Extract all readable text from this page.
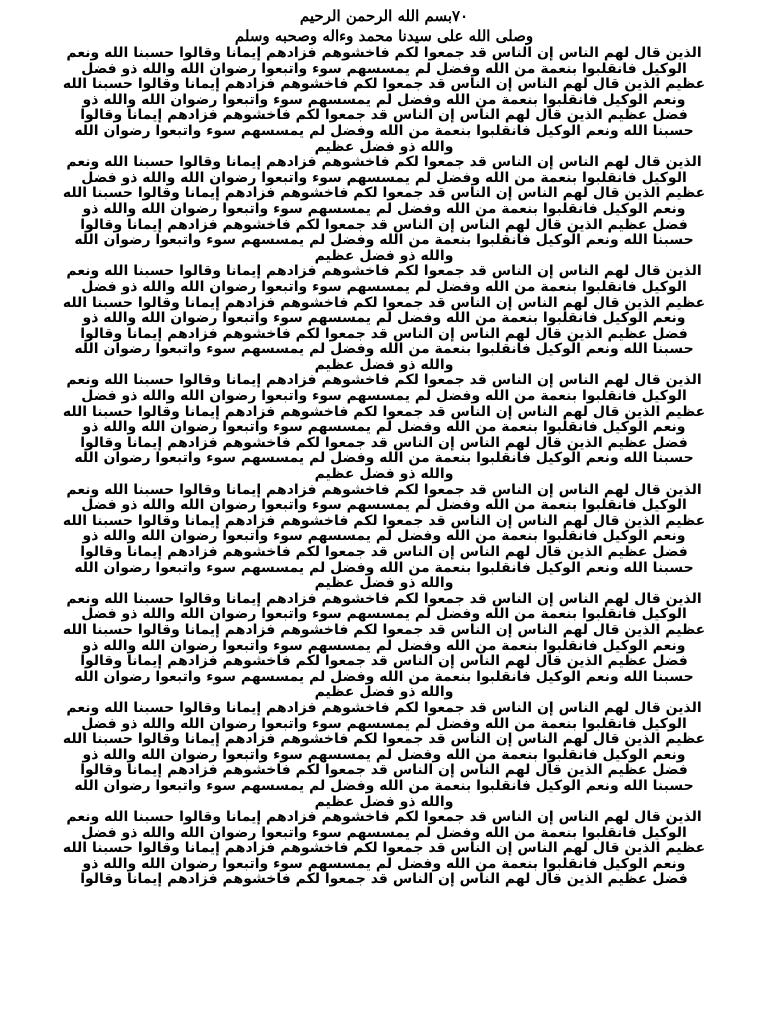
٧٠بسم الله الرحمن الرحيم
وصلى الله على سيدنا محمد وءاله وصحبه وسلم
الذين قال لهم الناس إن الناس قد جمعوا لكم فاخشوهم فزادهم إيمانا وقالوا حسبنا الله ونعم
الوكيل فانقلبوا بنعمة من الله وفضل لم يمسسهم سوء واتبعوا رضوان الله والله ذو فضل
عظيم الذين قال لهم الناس إن الناس قد جمعوا لكم فاخشوهم فزادهم إيمانا وقالوا حسبنا الله
ونعم الوكيل فانقلبوا بنعمة من الله وفضل لم يمسسهم سوء واتبعوا رضوان الله والله ذو
فضل عظيم الذين قال لهم الناس إن الناس قد جمعوا لكم فاخشوهم فزادهم إيمانا وقالوا
حسبنا الله ونعم الوكيل فانقلبوا بنعمة من الله وفضل لم يمسسهم سوء واتبعوا رضوان الله
والله ذو فضل عظيم
الذين قال لهم الناس إن الناس قد جمعوا لكم فاخشوهم فزادهم إيمانا وقالوا حسبنا الله ونعم
الوكيل فانقلبوا بنعمة من الله وفضل لم يمسسهم سوء واتبعوا رضوان الله والله ذو فضل
عظيم الذين قال لهم الناس إن الناس قد جمعوا لكم فاخشوهم فزادهم إيمانا وقالوا حسبنا الله
ونعم الوكيل فانقلبوا بنعمة من الله وفضل لم يمسسهم سوء واتبعوا رضوان الله والله ذو
فضل عظيم الذين قال لهم الناس إن الناس قد جمعوا لكم فاخشوهم فزادهم إيمانا وقالوا
حسبنا الله ونعم الوكيل فانقلبوا بنعمة من الله وفضل لم يمسسهم سوء واتبعوا رضوان الله
والله ذو فضل عظيم
الذين قال لهم الناس إن الناس قد جمعوا لكم فاخشوهم فزادهم إيمانا وقالوا حسبنا الله ونعم
الوكيل فانقلبوا بنعمة من الله وفضل لم يمسسهم سوء واتبعوا رضوان الله والله ذو فضل
عظيم الذين قال لهم الناس إن الناس قد جمعوا لكم فاخشوهم فزادهم إيمانا وقالوا حسبنا الله
ونعم الوكيل فانقلبوا بنعمة من الله وفضل لم يمسسهم سوء واتبعوا رضوان الله والله ذو
فضل عظيم الذين قال لهم الناس إن الناس قد جمعوا لكم فاخشوهم فزادهم إيمانا وقالوا
حسبنا الله ونعم الوكيل فانقلبوا بنعمة من الله وفضل لم يمسسهم سوء واتبعوا رضوان الله
والله ذو فضل عظيم
الذين قال لهم الناس إن الناس قد جمعوا لكم فاخشوهم فزادهم إيمانا وقالوا حسبنا الله ونعم
الوكيل فانقلبوا بنعمة من الله وفضل لم يمسسهم سوء واتبعوا رضوان الله والله ذو فضل
عظيم الذين قال لهم الناس إن الناس قد جمعوا لكم فاخشوهم فزادهم إيمانا وقالوا حسبنا الله
ونعم الوكيل فانقلبوا بنعمة من الله وفضل لم يمسسهم سوء واتبعوا رضوان الله والله ذو
فضل عظيم الذين قال لهم الناس إن الناس قد جمعوا لكم فاخشوهم فزادهم إيمانا وقالوا
حسبنا الله ونعم الوكيل فانقلبوا بنعمة من الله وفضل لم يمسسهم سوء واتبعوا رضوان الله
والله ذو فضل عظيم
الذين قال لهم الناس إن الناس قد جمعوا لكم فاخشوهم فزادهم إيمانا وقالوا حسبنا الله ونعم
الوكيل فانقلبوا بنعمة من الله وفضل لم يمسسهم سوء واتبعوا رضوان الله والله ذو فضل
عظيم الذين قال لهم الناس إن الناس قد جمعوا لكم فاخشوهم فزادهم إيمانا وقالوا حسبنا الله
ونعم الوكيل فانقلبوا بنعمة من الله وفضل لم يمسسهم سوء واتبعوا رضوان الله والله ذو
فضل عظيم الذين قال لهم الناس إن الناس قد جمعوا لكم فاخشوهم فزادهم إيمانا وقالوا
حسبنا الله ونعم الوكيل فانقلبوا بنعمة من الله وفضل لم يمسسهم سوء واتبعوا رضوان الله
والله ذو فضل عظيم
الذين قال لهم الناس إن الناس قد جمعوا لكم فاخشوهم فزادهم إيمانا وقالوا حسبنا الله ونعم
الوكيل فانقلبوا بنعمة من الله وفضل لم يمسسهم سوء واتبعوا رضوان الله والله ذو فضل
عظيم الذين قال لهم الناس إن الناس قد جمعوا لكم فاخشوهم فزادهم إيمانا وقالوا حسبنا الله
ونعم الوكيل فانقلبوا بنعمة من الله وفضل لم يمسسهم سوء واتبعوا رضوان الله والله ذو
فضل عظيم الذين قال لهم الناس إن الناس قد جمعوا لكم فاخشوهم فزادهم إيمانا وقالوا
حسبنا الله ونعم الوكيل فانقلبوا بنعمة من الله وفضل لم يمسسهم سوء واتبعوا رضوان الله
والله ذو فضل عظيم
الذين قال لهم الناس إن الناس قد جمعوا لكم فاخشوهم فزادهم إيمانا وقالوا حسبنا الله ونعم
الوكيل فانقلبوا بنعمة من الله وفضل لم يمسسهم سوء واتبعوا رضوان الله والله ذو فضل
عظيم الذين قال لهم الناس إن الناس قد جمعوا لكم فاخشوهم فزادهم إيمانا وقالوا حسبنا الله
ونعم الوكيل فانقلبوا بنعمة من الله وفضل لم يمسسهم سوء واتبعوا رضوان الله والله ذو
فضل عظيم الذين قال لهم الناس إن الناس قد جمعوا لكم فاخشوهم فزادهم إيمانا وقالوا
حسبنا الله ونعم الوكيل فانقلبوا بنعمة من الله وفضل لم يمسسهم سوء واتبعوا رضوان الله
والله ذو فضل عظيم
الذين قال لهم الناس إن الناس قد جمعوا لكم فاخشوهم فزادهم إيمانا وقالوا حسبنا الله ونعم
الوكيل فانقلبوا بنعمة من الله وفضل لم يمسسهم سوء واتبعوا رضوان الله والله ذو فضل
عظيم الذين قال لهم الناس إن الناس قد جمعوا لكم فاخشوهم فزادهم إيمانا وقالوا حسبنا الله
ونعم الوكيل فانقلبوا بنعمة من الله وفضل لم يمسسهم سوء واتبعوا رضوان الله والله ذو
فضل عظيم الذين قال لهم الناس إن الناس قد جمعوا لكم فاخشوهم فزادهم إيمانا وقالوا
